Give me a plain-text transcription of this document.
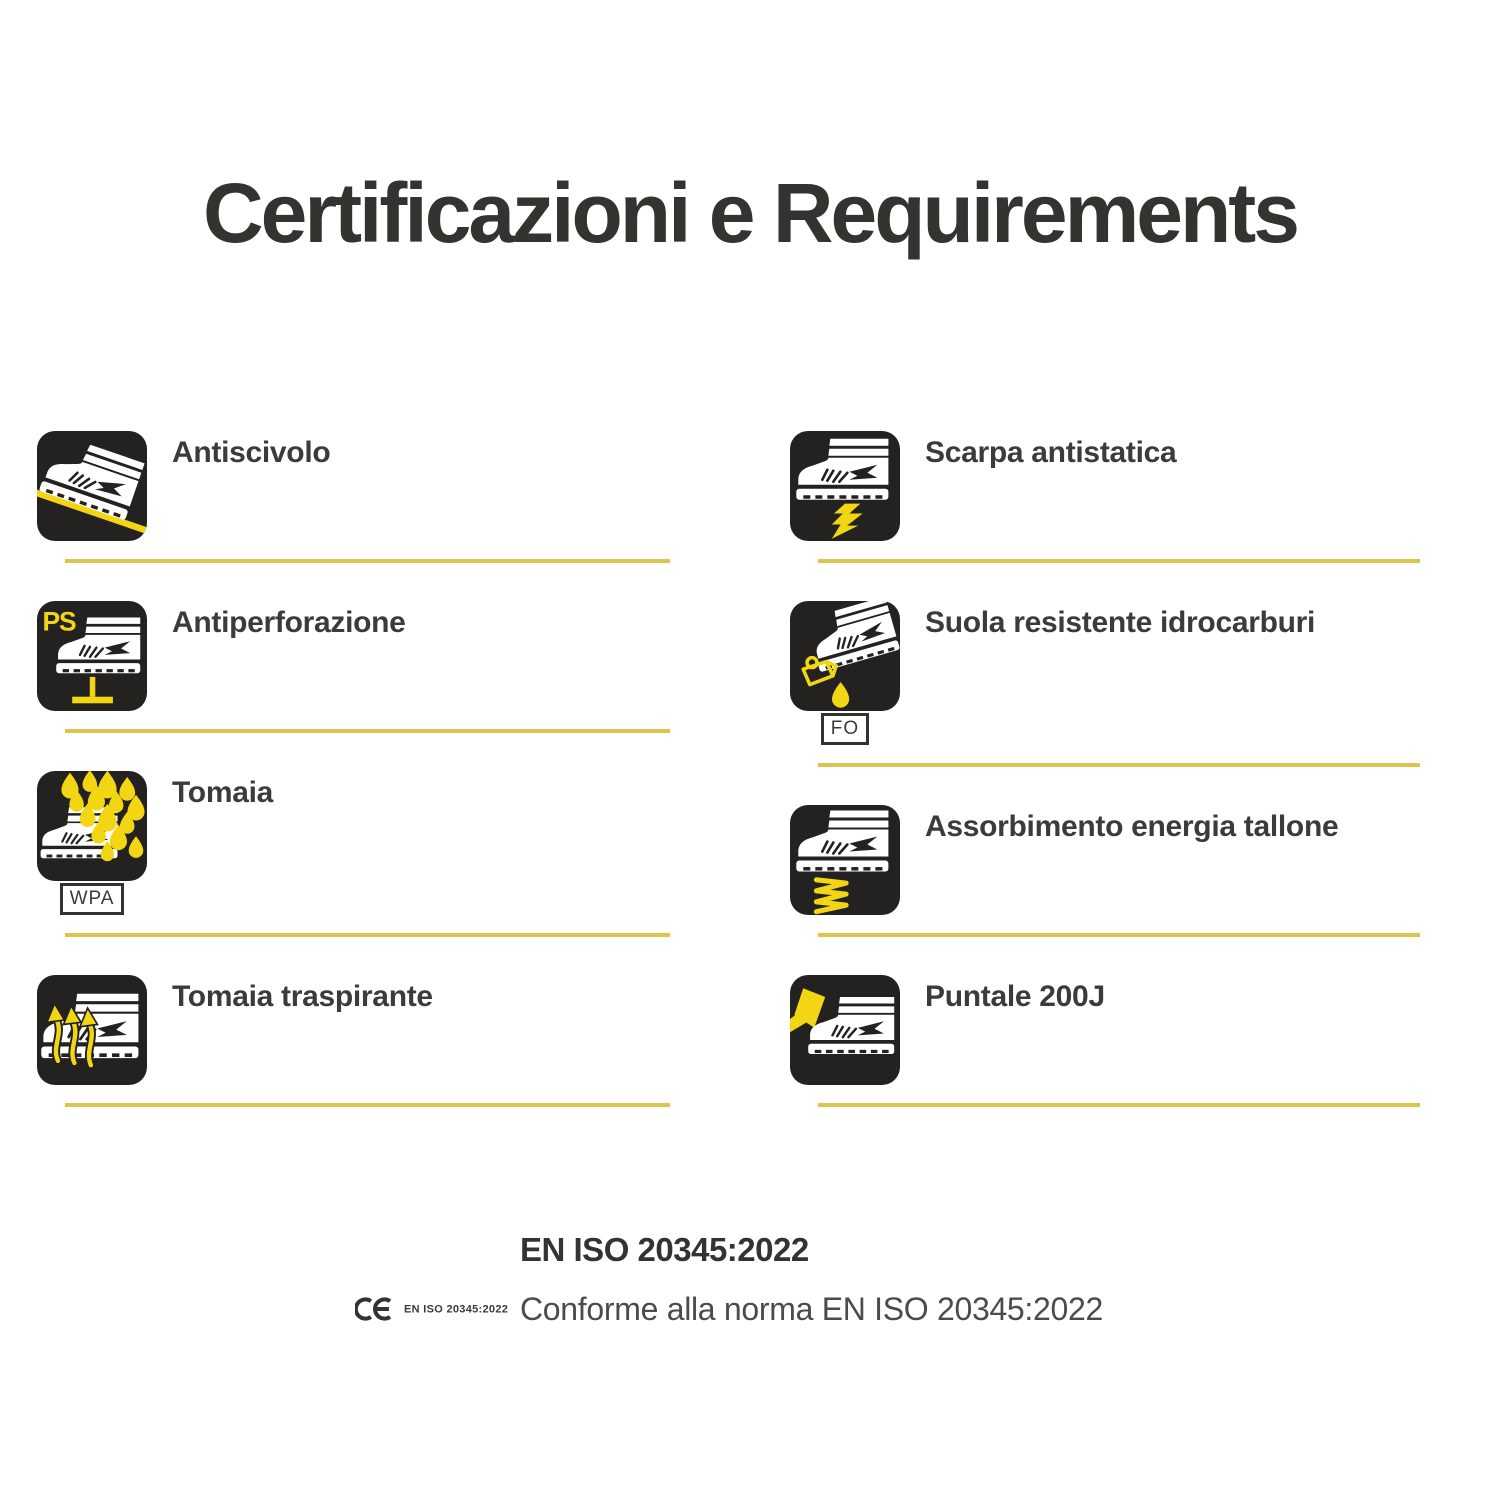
Certificazioni e Requirements
Antiscivolo
PS	Antiperforazione
WPA
Tomaia
Tomaia traspirante
Scarpa antistatica
FO
Suola resistente idrocarburi
Assorbimento energia tallone
Puntale 200J
EN ISO 20345:2022
EN ISO 20345:2022 Conforme alla norma EN ISO 20345:2022
